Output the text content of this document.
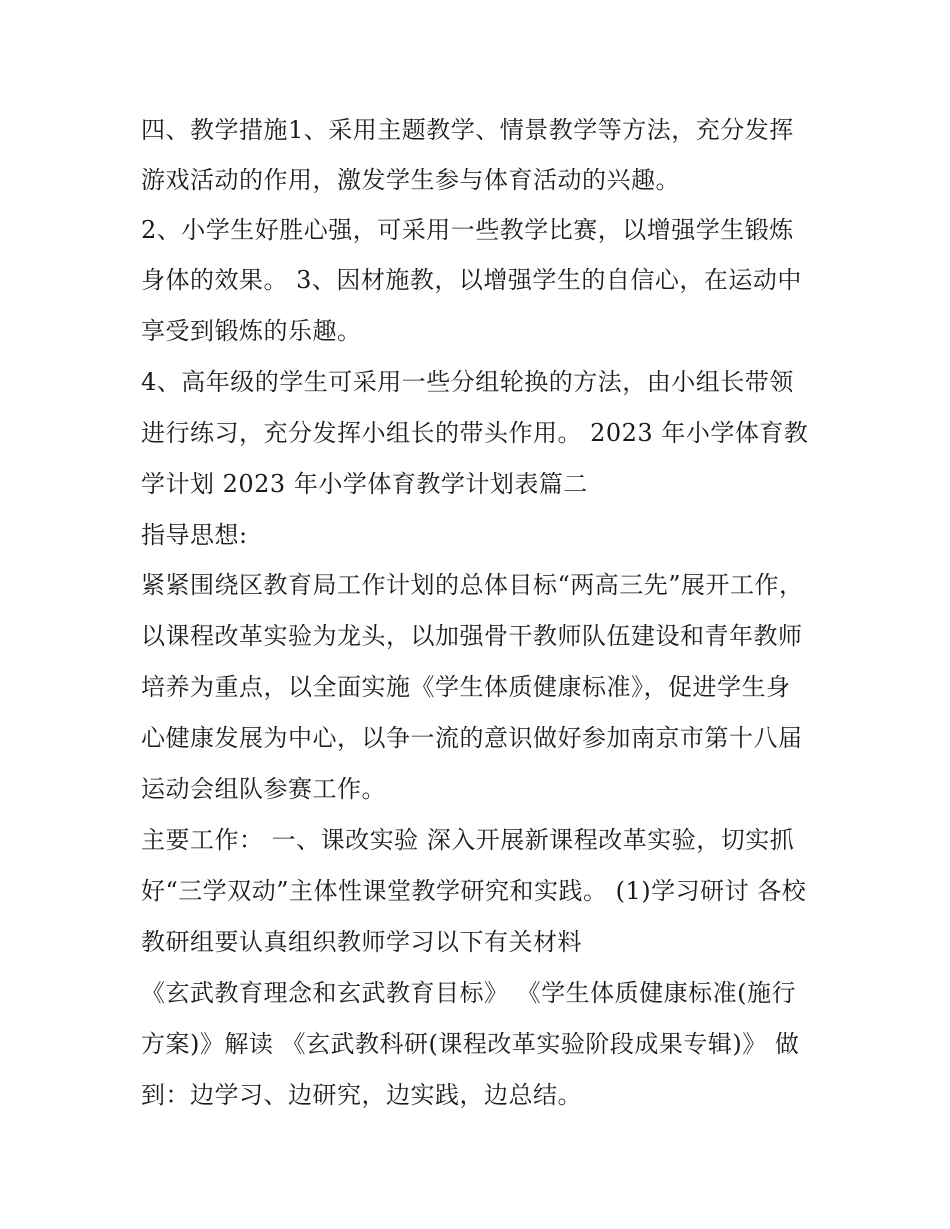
四、教学措施1、采用主题教学、情景教学等方法，充分发挥
游戏活动的作用，激发学生参与体育活动的兴趣。
2、小学生好胜心强，可采用一些教学比赛，以增强学生锻炼
身体的效果。 3、因材施教，以增强学生的自信心，在运动中
享受到锻炼的乐趣。
4、高年级的学生可采用一些分组轮换的方法，由小组长带领
进行练习，充分发挥小组长的带头作用。 2023 年小学体育教
学计划 2023 年小学体育教学计划表篇二
指导思想:
紧紧围绕区教育局工作计划的总体目标“两高三先”展开工作，
以课程改革实验为龙头，以加强骨干教师队伍建设和青年教师
培养为重点，以全面实施《学生体质健康标准》，促进学生身
心健康发展为中心，以争一流的意识做好参加南京市第十八届
运动会组队参赛工作。
主要工作： 一、课改实验 深入开展新课程改革实验，切实抓
好“三学双动”主体性课堂教学研究和实践。 (1)学习研讨 各校
教研组要认真组织教师学习以下有关材料
《玄武教育理念和玄武教育目标》 《学生体质健康标准(施行
方案)》解读 《玄武教科研(课程改革实验阶段成果专辑)》 做
到：边学习、边研究，边实践，边总结。
